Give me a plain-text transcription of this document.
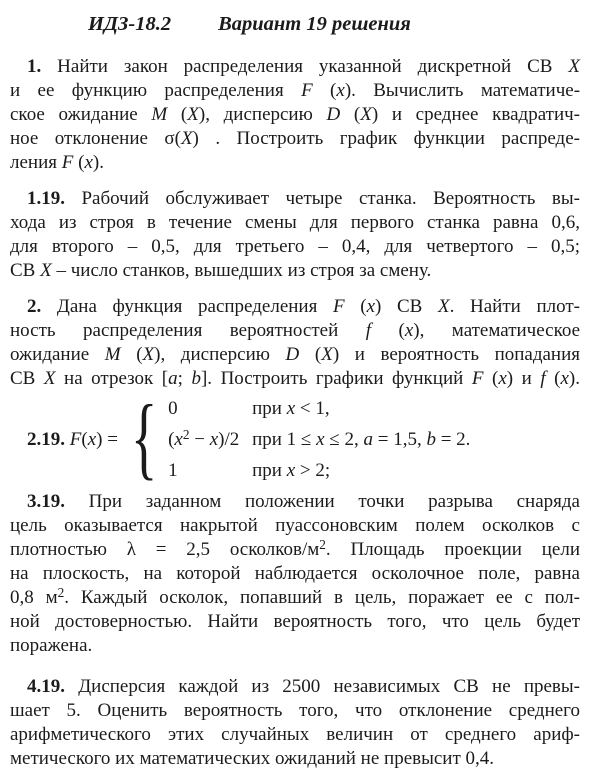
ИДЗ-18.2 Вариант 19 решения
1. Найти закон распределения указанной дискретной СВ X
и ее функцию распределения F (x). Вычислить математиче-
ское ожидание M (X), дисперсию D (X) и среднее квадратич-
ное отклонение σ(X) . Построить график функции распреде-
ления F (x).
1.19. Рабочий обслуживает четыре станка. Вероятность вы-
хода из строя в течение смены для первого станка равна 0,6,
для второго – 0,5, для третьего – 0,4, для четвертого – 0,5;
СВ X – число станков, вышедших из строя за смену.
2. Дана функция распределения F (x) СВ X. Найти плот-
ность распределения вероятностей f (x), математическое
ожидание M (X), дисперсию D (X) и вероятность попадания
СВ X на отрезок [a; b]. Построить графики функций F (x) и f (x).
2.19. F(x) = { 0	при x < 1,
$(x^2 - x)/2$ при 1 ≤ x ≤ 2, a = 1,5, b = 2.
1	при x > 2;
3.19. При заданном положении точки разрыва снаряда
цель оказывается накрытой пуассоновским полем осколков с
плотностью λ = 2,5 осколков/$м^2$. Площадь проекции цели
на плоскость, на которой наблюдается осколочное поле, равна
0,8 $м^2$. Каждый осколок, попавший в цель, поражает ее с пол-
ной достоверностью. Найти вероятность того, что цель будет
поражена.
4.19. Дисперсия каждой из 2500 независимых СВ не превы-
шает 5. Оценить вероятность того, что отклонение среднего
арифметического этих случайных величин от среднего ариф-
метического их математических ожиданий не превысит 0,4.
